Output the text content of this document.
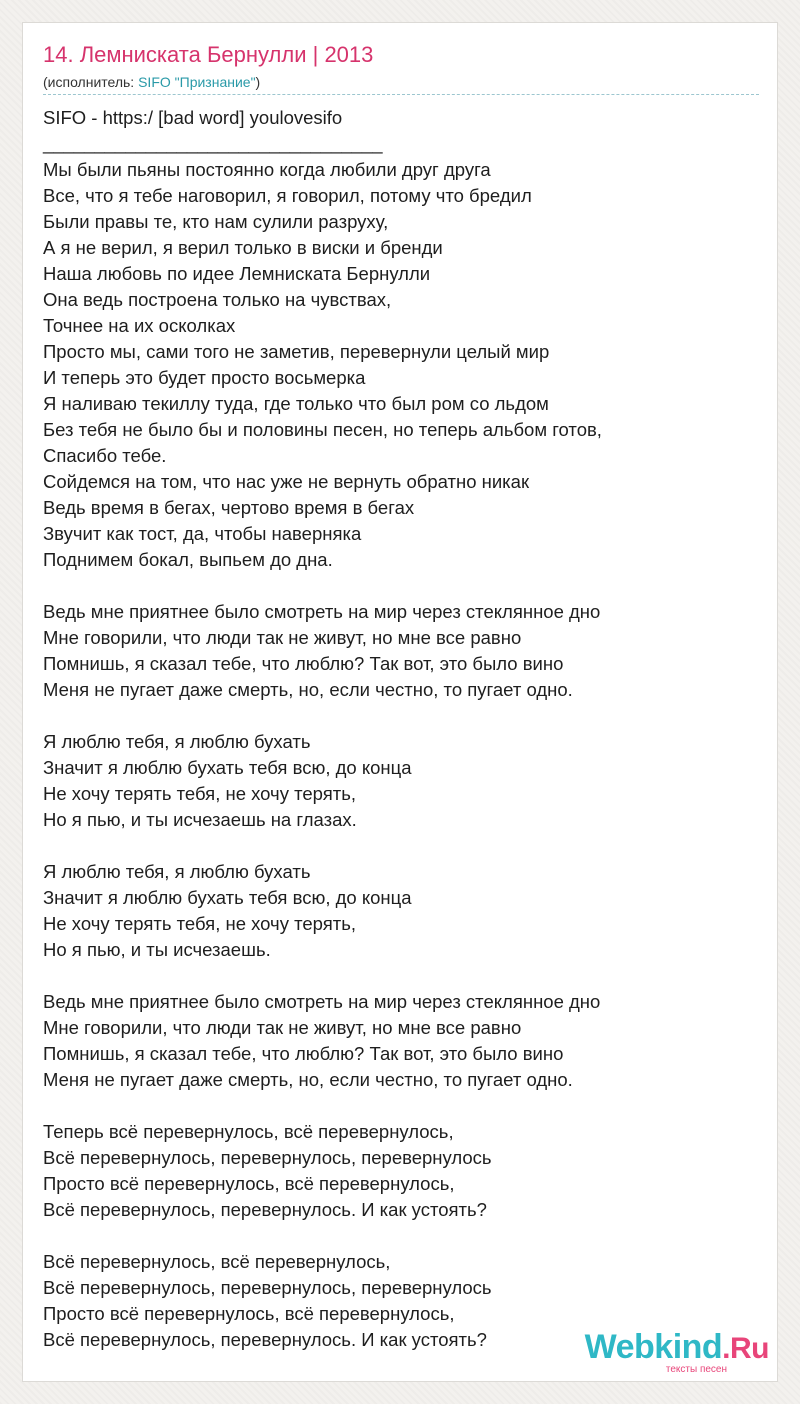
14. Лемниската Бернулли | 2013
(исполнитель: SIFO "Признание")
SIFO - https:/ [bad word] youlovesifo
_________________________________
Мы были пьяны постоянно когда любили друг друга
Все, что я тебе наговорил, я говорил, потому что бредил
Были правы те, кто нам сулили разруху,
А я не верил, я верил только в виски и бренди
Наша любовь по идее Лемниската Бернулли
Она ведь построена только на чувствах,
Точнее на их осколках
Просто мы, сами того не заметив, перевернули целый мир
И теперь это будет просто восьмерка
Я наливаю текиллу туда, где только что был ром со льдом
Без тебя не было бы и половины песен, но теперь альбом готов,
Спасибо тебе.
Сойдемся на том, что нас уже не вернуть обратно никак
Ведь время в бегах, чертово время в бегах
Звучит как тост, да, чтобы наверняка
Поднимем бокал, выпьем до дна.
Ведь мне приятнее было смотреть на мир через стеклянное дно
Мне говорили, что люди так не живут, но мне все равно
Помнишь, я сказал тебе, что люблю? Так вот, это было вино
Меня не пугает даже смерть, но, если честно, то пугает одно.
Я люблю тебя, я люблю бухать
Значит я люблю бухать тебя всю, до конца
Не хочу терять тебя, не хочу терять,
Но я пью, и ты исчезаешь на глазах.
Я люблю тебя, я люблю бухать
Значит я люблю бухать тебя всю, до конца
Не хочу терять тебя, не хочу терять,
Но я пью, и ты исчезаешь.
Ведь мне приятнее было смотреть на мир через стеклянное дно
Мне говорили, что люди так не живут, но мне все равно
Помнишь, я сказал тебе, что люблю? Так вот, это было вино
Меня не пугает даже смерть, но, если честно, то пугает одно.
Теперь всё перевернулось, всё перевернулось,
Всё перевернулось, перевернулось, перевернулось
Просто всё перевернулось, всё перевернулось,
Всё перевернулось, перевернулось. И как устоять?
Всё перевернулось, всё перевернулось,
Всё перевернулось, перевернулось, перевернулось
Просто всё перевернулось, всё перевернулось,
Всё перевернулось, перевернулось. И как устоять?	Webkind.Ru
тексты песен
